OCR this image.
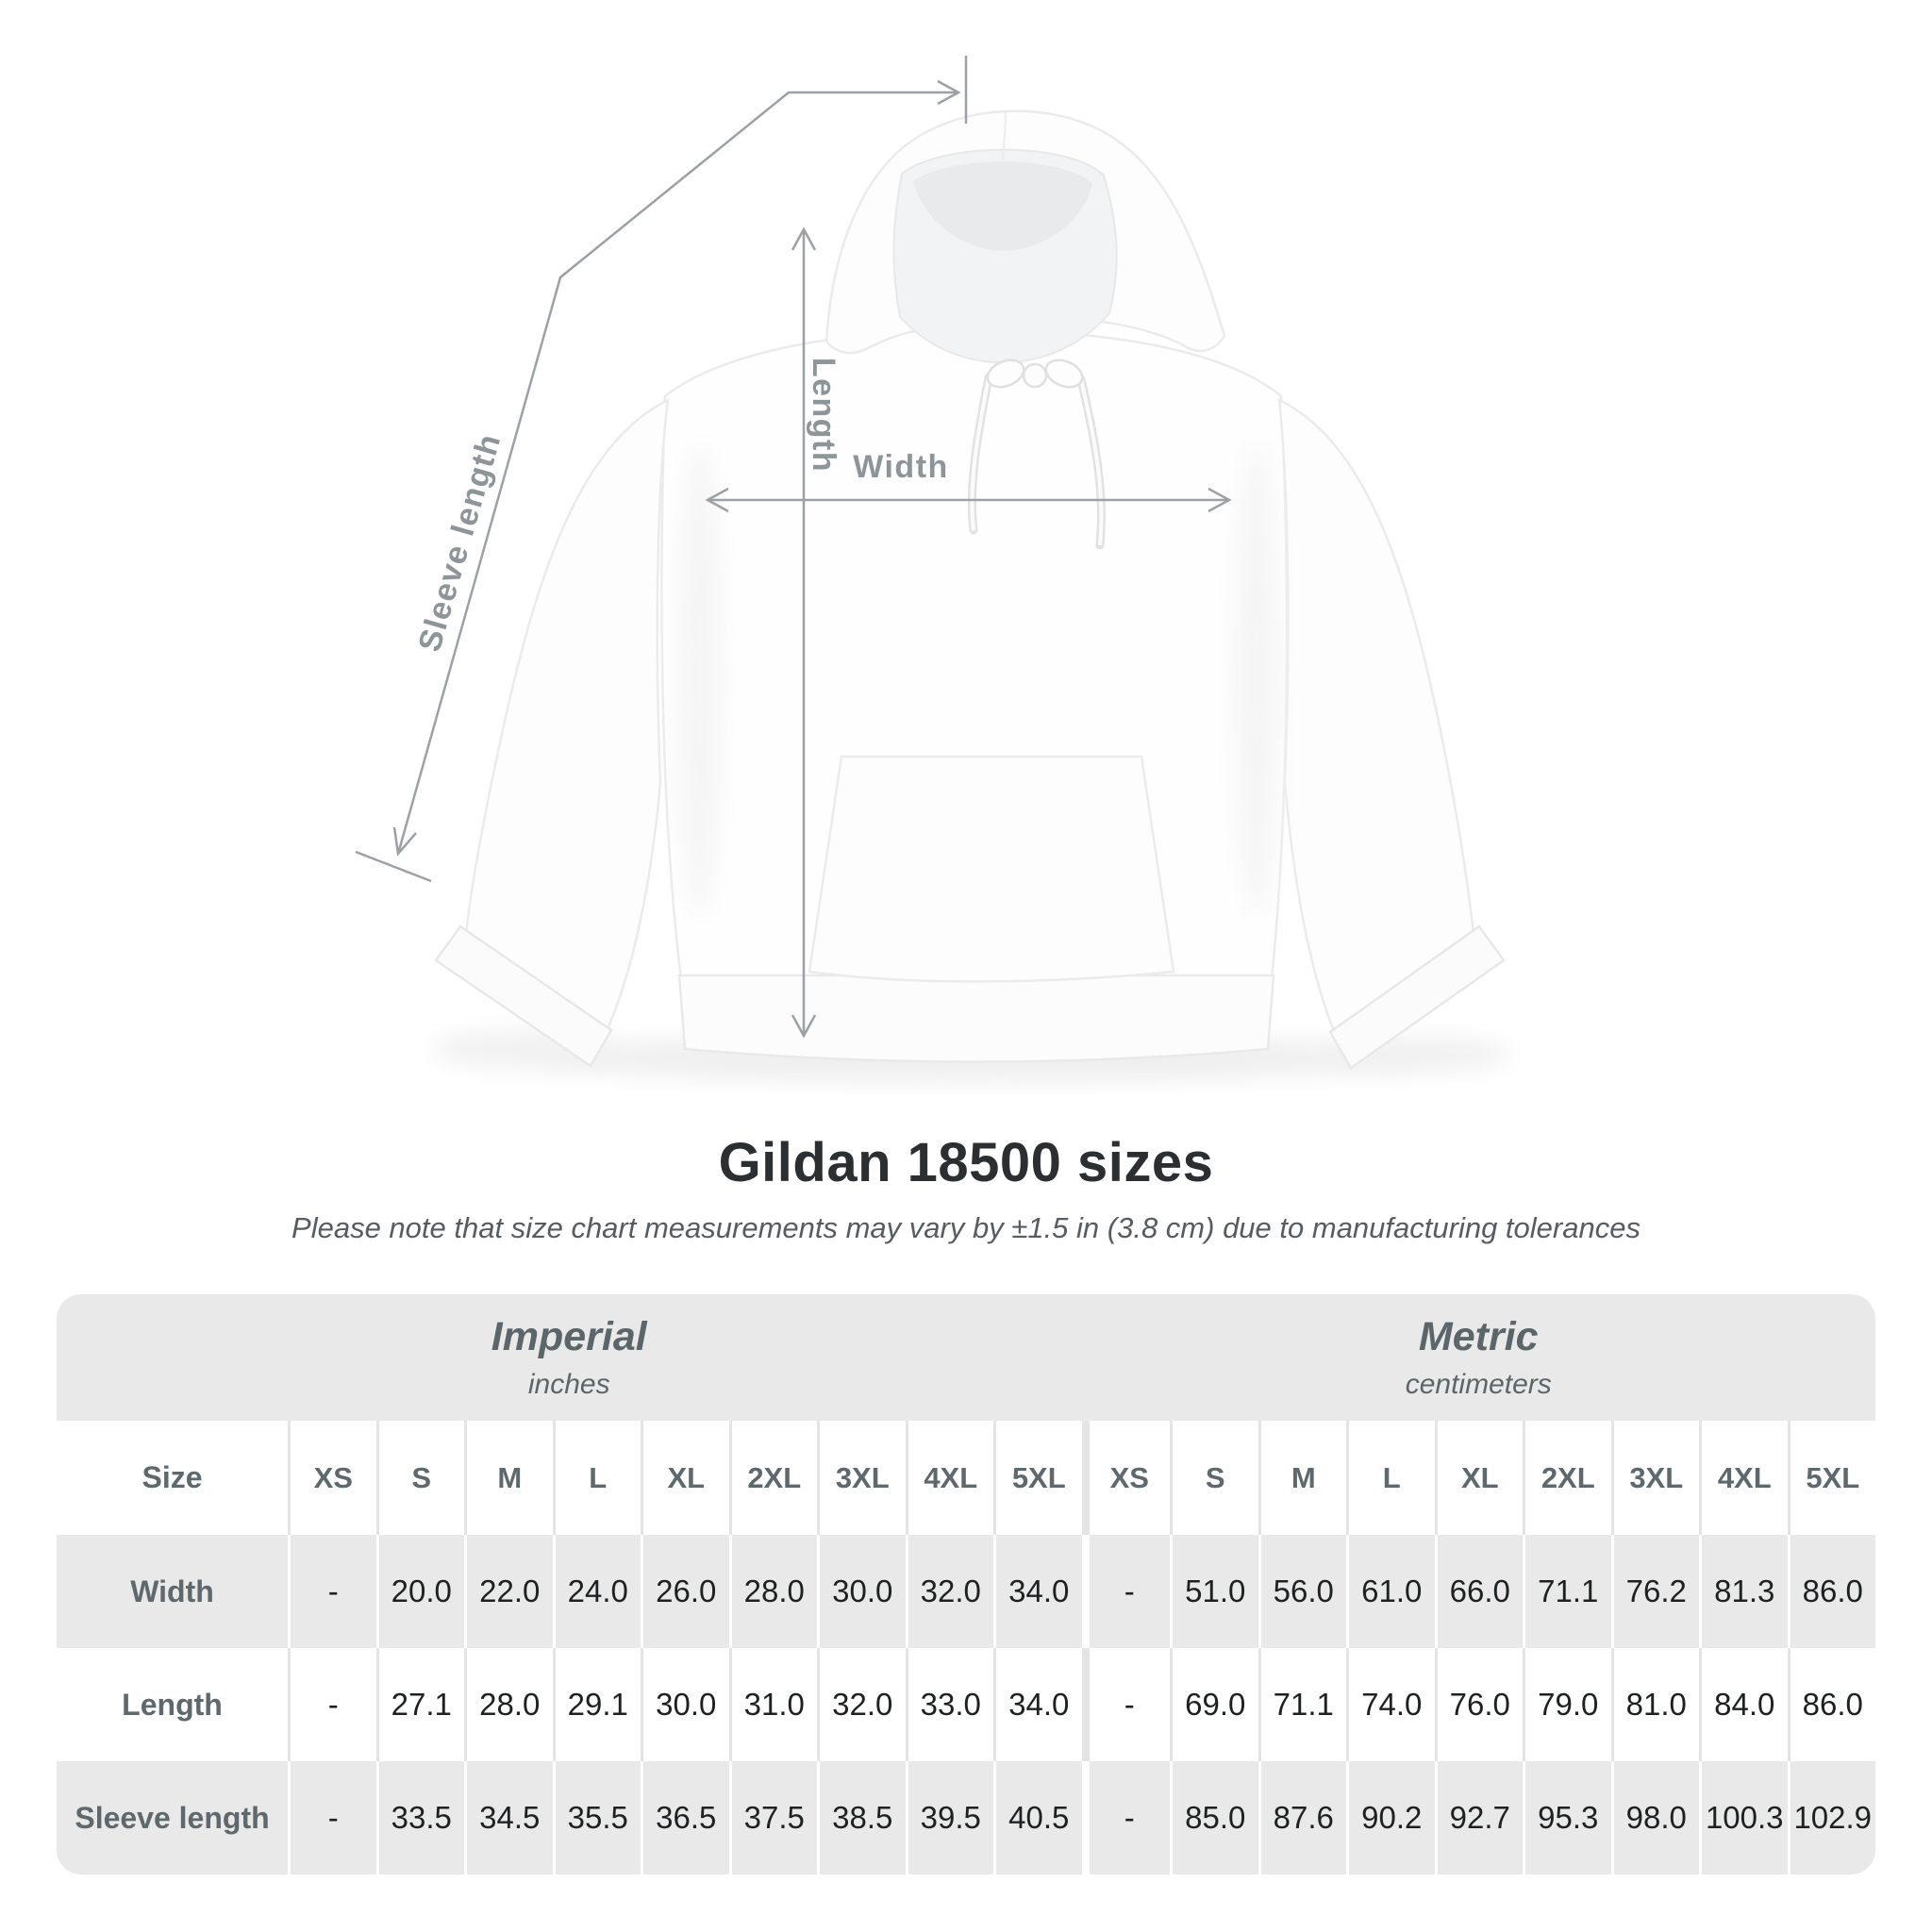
Sleeve length
Length Width
Gildan 18500 sizes

Please note that size chart measurements may vary by ±1.5 in (3.8 cm) due to manufacturing tolerances

Imperial
inches
Metric
centimeters
Size	XS	S	M	L	XL	2XL	3XL	4XL	5XL	XS	S	M	L	XL	2XL	3XL	4XL	5XL
Width	-	20.0 22.0 24.0 26.0 28.0 30.0 32.0 34.0	-	51.0 56.0 61.0 66.0 71.1 76.2 81.3 86.0
Length	-	27.1 28.0 29.1 30.0 31.0 32.0 33.0 34.0	-	69.0 71.1 74.0 76.0 79.0 81.0 84.0 86.0
Sleeve length	-	33.5 34.5 35.5 36.5 37.5 38.5 39.5 40.5	-	85.0 87.6 90.2 92.7 95.3 98.0 100.3 102.9
